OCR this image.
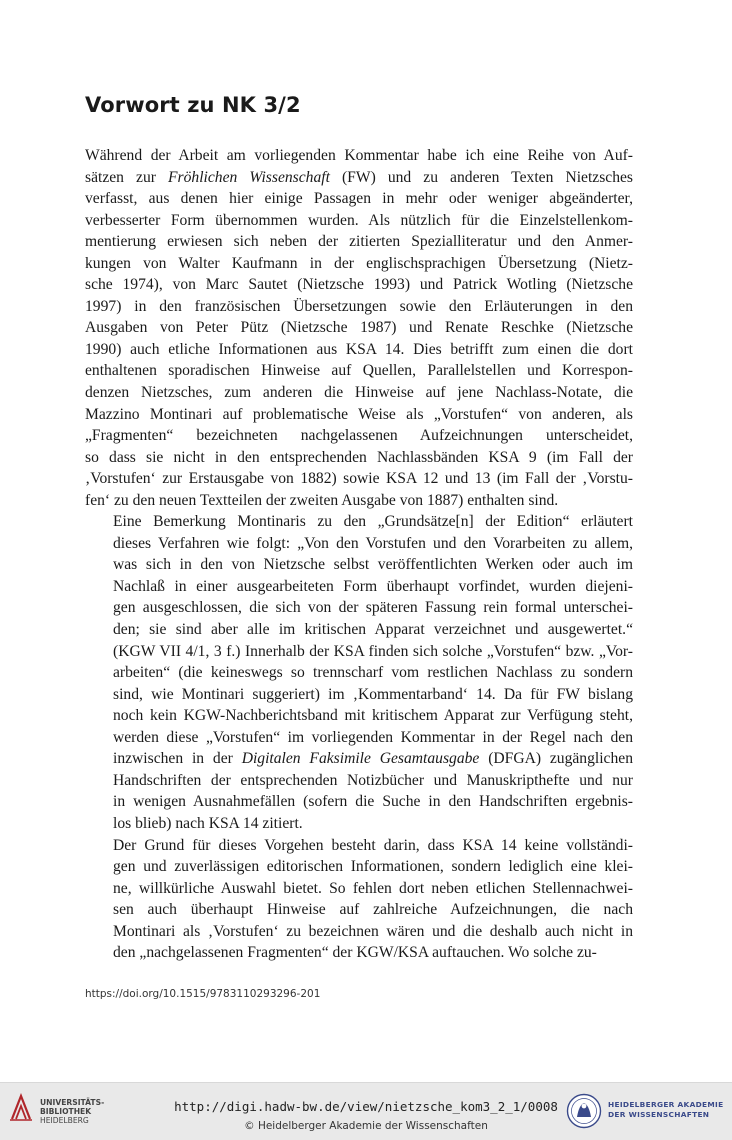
Vorwort zu NK 3/2

Während der Arbeit am vorliegenden Kommentar habe ich eine Reihe von Auf-
sätzen zur Fröhlichen Wissenschaft (FW) und zu anderen Texten Nietzsches
verfasst, aus denen hier einige Passagen in mehr oder weniger abgeänderter,
verbesserter Form übernommen wurden. Als nützlich für die Einzelstellenkom-
mentierung erwiesen sich neben der zitierten Spezialliteratur und den Anmer-
kungen von Walter Kaufmann in der englischsprachigen Übersetzung (Nietz-
sche 1974), von Marc Sautet (Nietzsche 1993) und Patrick Wotling (Nietzsche
1997) in den französischen Übersetzungen sowie den Erläuterungen in den
Ausgaben von Peter Pütz (Nietzsche 1987) und Renate Reschke (Nietzsche
1990) auch etliche Informationen aus KSA 14. Dies betrifft zum einen die dort
enthaltenen sporadischen Hinweise auf Quellen, Parallelstellen und Korrespon-
denzen Nietzsches, zum anderen die Hinweise auf jene Nachlass-Notate, die
Mazzino Montinari auf problematische Weise als „Vorstufen“ von anderen, als
„Fragmenten“ bezeichneten nachgelassenen Aufzeichnungen unterscheidet,
so dass sie nicht in den entsprechenden Nachlassbänden KSA 9 (im Fall der
‚Vorstufen‘ zur Erstausgabe von 1882) sowie KSA 12 und 13 (im Fall der ‚Vorstu-
fen‘ zu den neuen Textteilen der zweiten Ausgabe von 1887) enthalten sind.

Eine Bemerkung Montinaris zu den „Grundsätze[n] der Edition“ erläutert
dieses Verfahren wie folgt: „Von den Vorstufen und den Vorarbeiten zu allem,
was sich in den von Nietzsche selbst veröffentlichten Werken oder auch im
Nachlaß in einer ausgearbeiteten Form überhaupt vorfindet, wurden diejeni-
gen ausgeschlossen, die sich von der späteren Fassung rein formal unterschei-
den; sie sind aber alle im kritischen Apparat verzeichnet und ausgewertet.“
(KGW VII 4/1, 3 f.) Innerhalb der KSA finden sich solche „Vorstufen“ bzw. „Vor-
arbeiten“ (die keineswegs so trennscharf vom restlichen Nachlass zu sondern
sind, wie Montinari suggeriert) im ‚Kommentarband‘ 14. Da für FW bislang
noch kein KGW-Nachberichtsband mit kritischem Apparat zur Verfügung steht,
werden diese „Vorstufen“ im vorliegenden Kommentar in der Regel nach den
inzwischen in der Digitalen Faksimile Gesamtausgabe (DFGA) zugänglichen
Handschriften der entsprechenden Notizbücher und Manuskripthefte und nur
in wenigen Ausnahmefällen (sofern die Suche in den Handschriften ergebnis-
los blieb) nach KSA 14 zitiert.

Der Grund für dieses Vorgehen besteht darin, dass KSA 14 keine vollständi-
gen und zuverlässigen editorischen Informationen, sondern lediglich eine klei-
ne, willkürliche Auswahl bietet. So fehlen dort neben etlichen Stellennachwei-
sen auch überhaupt Hinweise auf zahlreiche Aufzeichnungen, die nach
Montinari als ‚Vorstufen‘ zu bezeichnen wären und die deshalb auch nicht in
den „nachgelassenen Fragmenten“ der KGW/KSA auftauchen. Wo solche zu-

https://doi.org/10.1515/9783110293296-201
UNIVERSITÄTS-
BIBLIOTHEK
HEIDELBERG
http://digi.hadw-bw.de/view/nietzsche_kom3_2_1/0008
© Heidelberger Akademie der Wissenschaften
HEIDELBERGER AKADEMIE
DER WISSENSCHAFTEN
